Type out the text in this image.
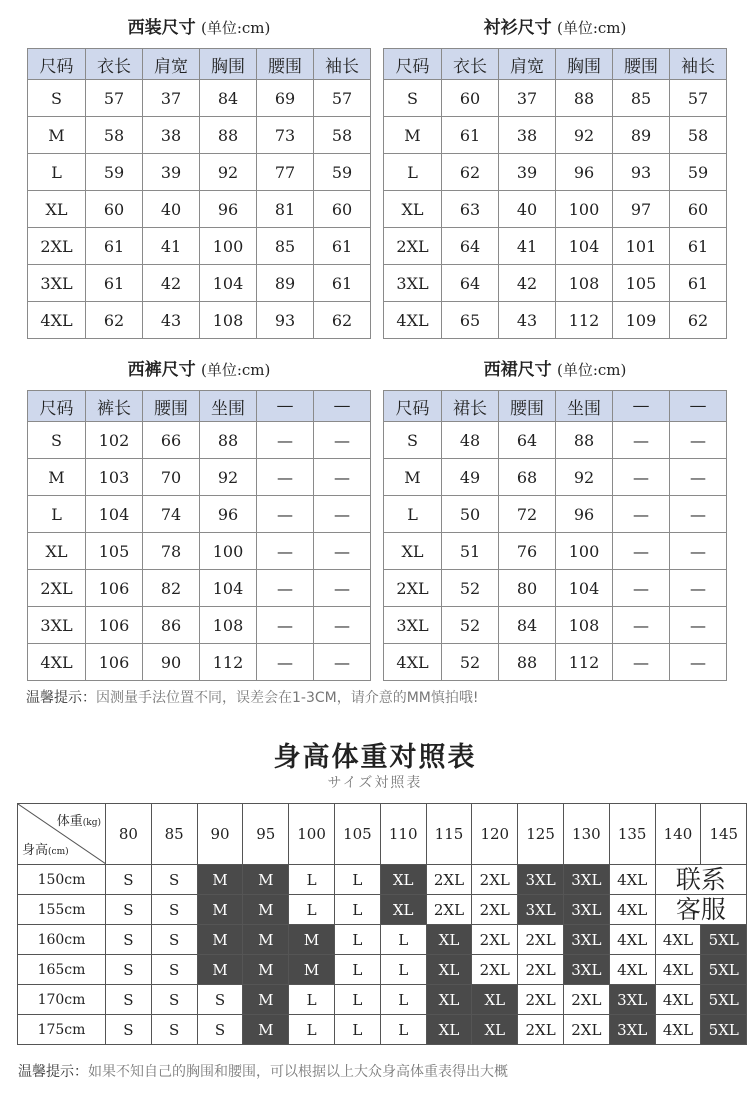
西装尺寸 (单位:cm)
尺码	衣长	肩宽	胸围	腰围	袖长
S	57	37	84	69	57
M	58	38	88	73	58
L	59	39	92	77	59
XL	60	40	96	81	60
2XL	61	41	100	85	61
3XL	61	42	104	89	61
4XL	62	43	108	93	62
衬衫尺寸 (单位:cm)
尺码	衣长	肩宽	胸围	腰围	袖长
S	60	37	88	85	57
M	61	38	92	89	58
L	62	39	96	93	59
XL	63	40	100	97	60
2XL	64	41	104	101	61
3XL	64	42	108	105	61
4XL	65	43	112	109	62
西裤尺寸 (单位:cm)
尺码	裤长	腰围	坐围	—	—
S	102	66	88	—	—
M	103	70	92	—	—
L	104	74	96	—	—
XL	105	78	100	—	—
2XL	106	82	104	—	—
3XL	106	86	108	—	—
4XL	106	90	112	—	—
西裙尺寸 (单位:cm)
尺码	裙长	腰围	坐围	—	—
S	48	64	88	—	—
M	49	68	92	—	—
L	50	72	96	—	—
XL	51	76	100	—	—
2XL	52	80	104	—	—
3XL	52	84	108	—	—
4XL	52	88	112	—	—
温馨提示：因测量手法位置不同，误差会在1-3CM，请介意的MM慎拍哦!
身高体重对照表
サイズ対照表
体重(kg)
身高(cm)	80	85	90	95	100	105	110	115	120	125	130	135	140	145
150cm	S	S	M	M	L	L	XL	2XL	2XL	3XL	3XL	4XL	联系	
155cm	S	S	M	M	L	L	XL	2XL	2XL	3XL	3XL	4XL	客服	
160cm	S	S	M	M	M	L	L	XL	2XL	2XL	3XL	4XL	4XL	5XL
165cm	S	S	M	M	M	L	L	XL	2XL	2XL	3XL	4XL	4XL	5XL
170cm	S	S	S	M	L	L	L	XL	XL	2XL	2XL	3XL	4XL	5XL
175cm	S	S	S	M	L	L	L	XL	XL	2XL	2XL	3XL	4XL	5XL
温馨提示：如果不知自己的胸围和腰围，可以根据以上大众身高体重表得出大概
